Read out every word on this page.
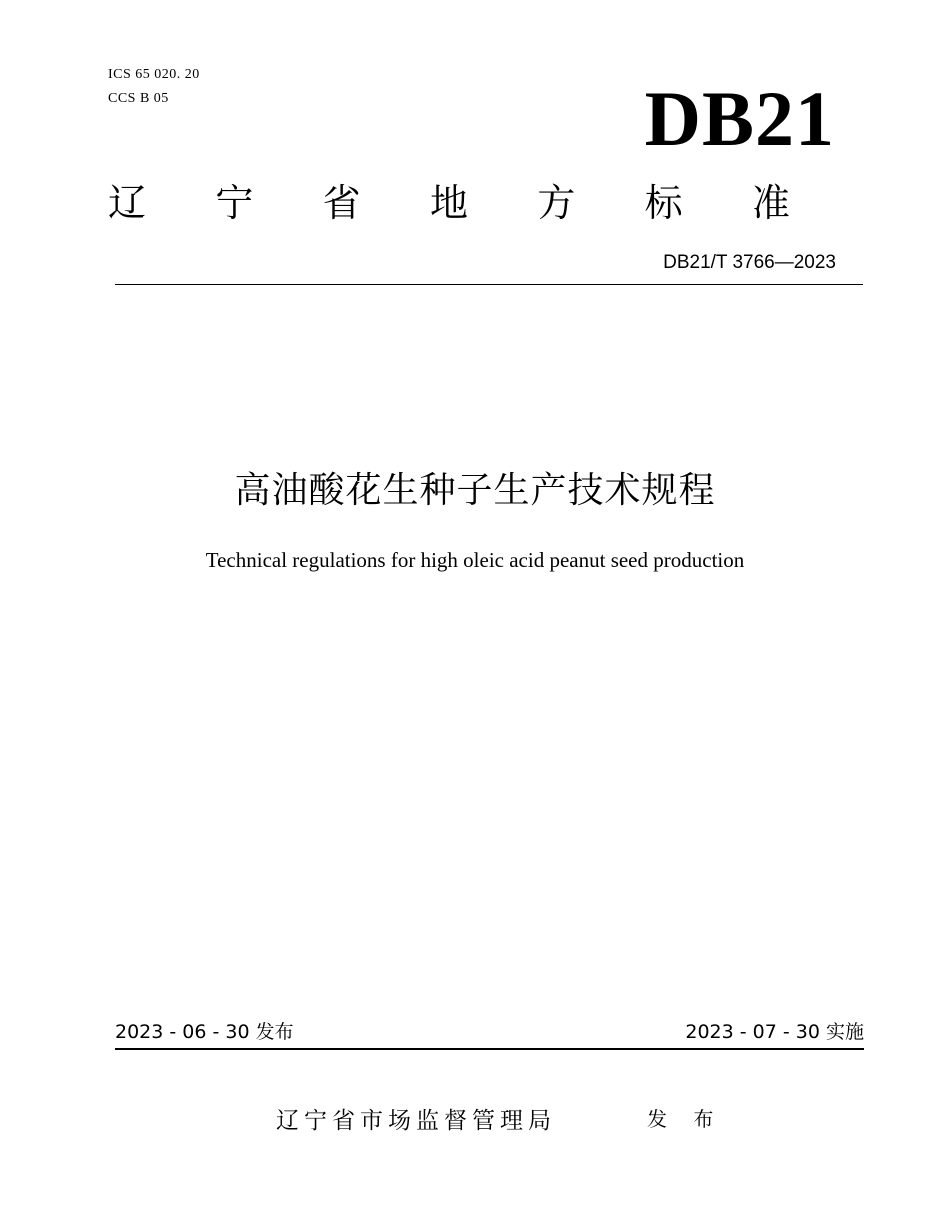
ICS 65 020. 20
CCS B 05	DB21
辽 宁 省 地 方 标 准
DB21/T 3766—2023
高油酸花生种子生产技术规程
Technical regulations for high oleic acid peanut seed production
2023 - 06 - 30 发布	2023 - 07 - 30 实施
辽宁省市场监督管理局	发 布
